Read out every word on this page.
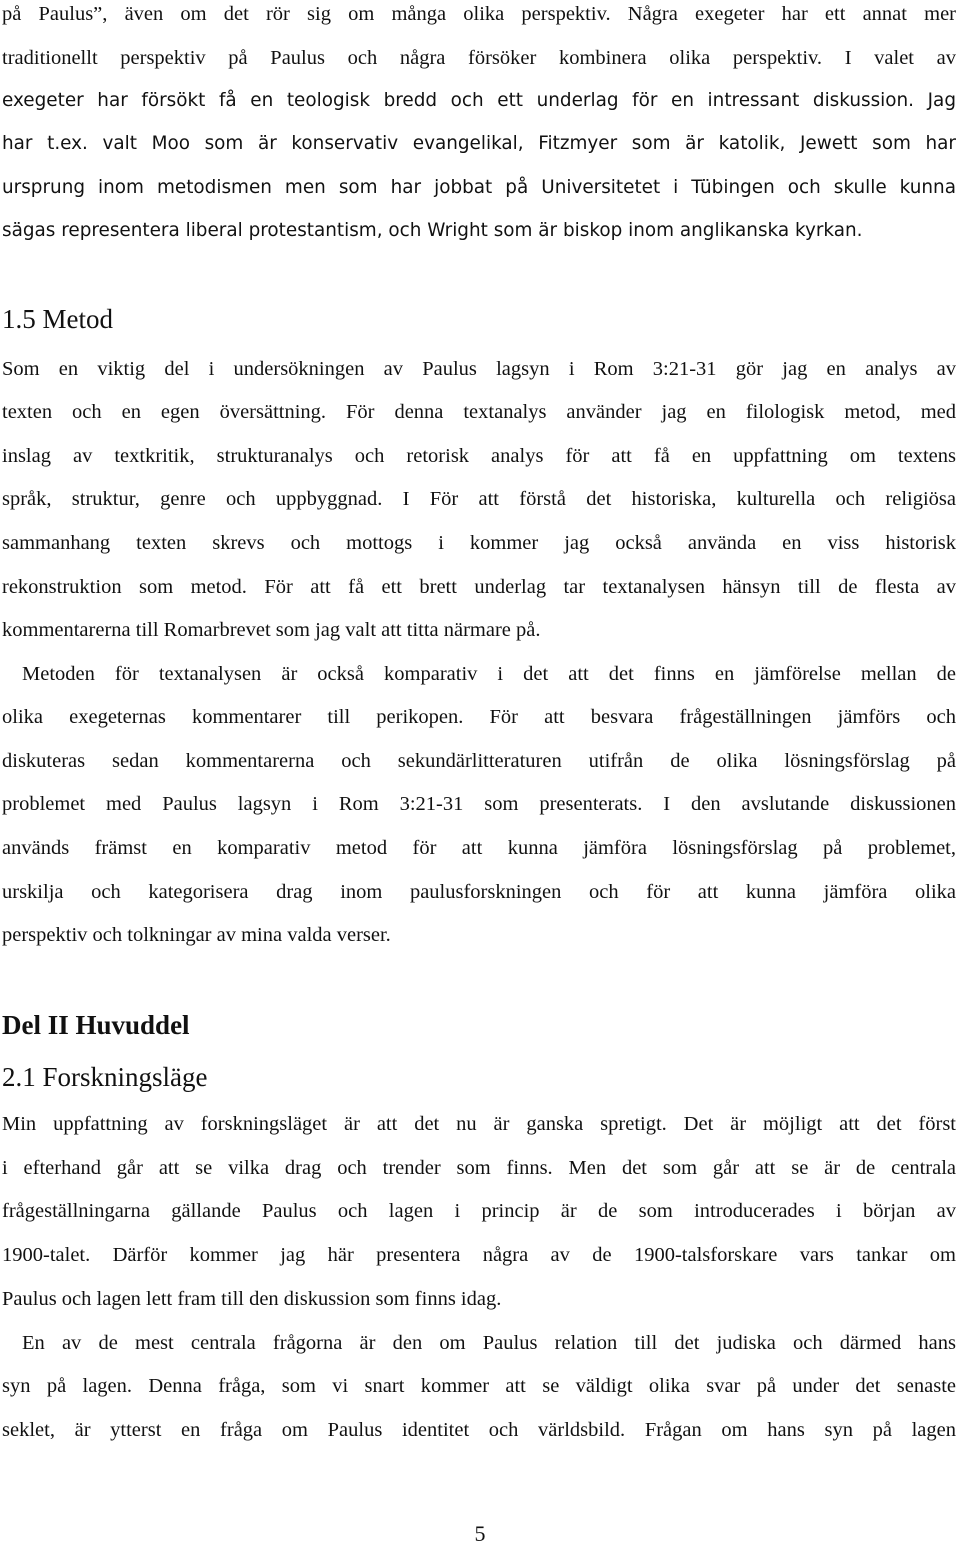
på Paulus”, även om det rör sig om många olika perspektiv. Några exegeter har ett annat mer
traditionellt perspektiv på Paulus och några försöker kombinera olika perspektiv. I valet av
exegeter har försökt få en teologisk bredd och ett underlag för en intressant diskussion. Jag
har t.ex. valt Moo som är konservativ evangelikal, Fitzmyer som är katolik, Jewett som har
ursprung inom metodismen men som har jobbat på Universitetet i Tübingen och skulle kunna
sägas representera liberal protestantism, och Wright som är biskop inom anglikanska kyrkan.
1.5 Metod
Som en viktig del i undersökningen av Paulus lagsyn i Rom 3:21-31 gör jag en analys av
texten och en egen översättning. För denna textanalys använder jag en filologisk metod, med
inslag av textkritik, strukturanalys och retorisk analys för att få en uppfattning om textens
språk, struktur, genre och uppbyggnad. I För att förstå det historiska, kulturella och religiösa
sammanhang texten skrevs och mottogs i kommer jag också använda en viss historisk
rekonstruktion som metod. För att få ett brett underlag tar textanalysen hänsyn till de flesta av
kommentarerna till Romarbrevet som jag valt att titta närmare på.
Metoden för textanalysen är också komparativ i det att det finns en jämförelse mellan de
olika exegeternas kommentarer till perikopen. För att besvara frågeställningen jämförs och
diskuteras sedan kommentarerna och sekundärlitteraturen utifrån de olika lösningsförslag på
problemet med Paulus lagsyn i Rom 3:21-31 som presenterats. I den avslutande diskussionen
används främst en komparativ metod för att kunna jämföra lösningsförslag på problemet,
urskilja och kategorisera drag inom paulusforskningen och för att kunna jämföra olika
perspektiv och tolkningar av mina valda verser.
Del II Huvuddel
2.1 Forskningsläge
Min uppfattning av forskningsläget är att det nu är ganska spretigt. Det är möjligt att det först
i efterhand går att se vilka drag och trender som finns. Men det som går att se är de centrala
frågeställningarna gällande Paulus och lagen i princip är de som introducerades i början av
1900-talet. Därför kommer jag här presentera några av de 1900-talsforskare vars tankar om
Paulus och lagen lett fram till den diskussion som finns idag.
En av de mest centrala frågorna är den om Paulus relation till det judiska och därmed hans
syn på lagen. Denna fråga, som vi snart kommer att se väldigt olika svar på under det senaste
seklet, är ytterst en fråga om Paulus identitet och världsbild. Frågan om hans syn på lagen
5
